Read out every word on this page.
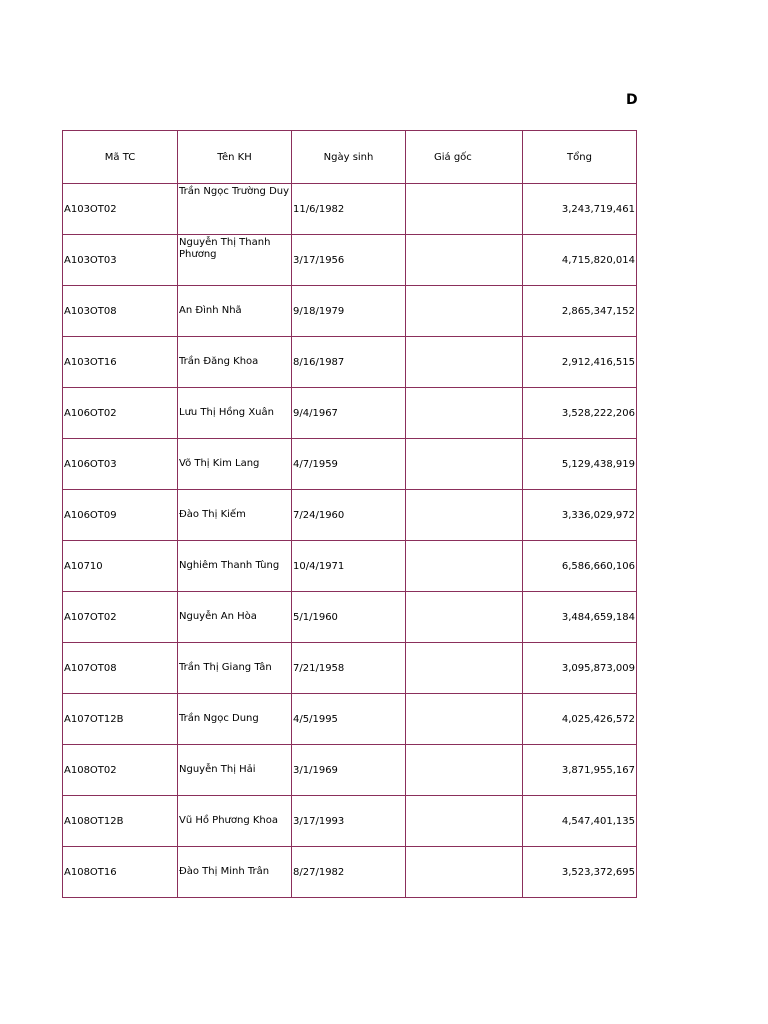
D
Mã TC	Tên KH	Ngày sinh	Giá gốc	Tổng
A103OT02	Trần Ngọc Trường Duy	11/6/1982		3,243,719,461
A103OT03	Nguyễn Thị Thanh Phương	3/17/1956		4,715,820,014
A103OT08	An Đình Nhã	9/18/1979		2,865,347,152
A103OT16	Trần Đăng Khoa	8/16/1987		2,912,416,515
A106OT02	Lưu Thị Hồng Xuân	9/4/1967		3,528,222,206
A106OT03	Võ Thị Kim Lang	4/7/1959		5,129,438,919
A106OT09	Đào Thị Kiếm	7/24/1960		3,336,029,972
A10710	Nghiêm Thanh Tùng	10/4/1971		6,586,660,106
A107OT02	Nguyễn An Hòa	5/1/1960		3,484,659,184
A107OT08	Trần Thị Giang Tân	7/21/1958		3,095,873,009
A107OT12B	Trần Ngọc Dung	4/5/1995		4,025,426,572
A108OT02	Nguyễn Thị Hải	3/1/1969		3,871,955,167
A108OT12B	Vũ Hồ Phương Khoa	3/17/1993		4,547,401,135
A108OT16	Đào Thị Minh Trân	8/27/1982		3,523,372,695
